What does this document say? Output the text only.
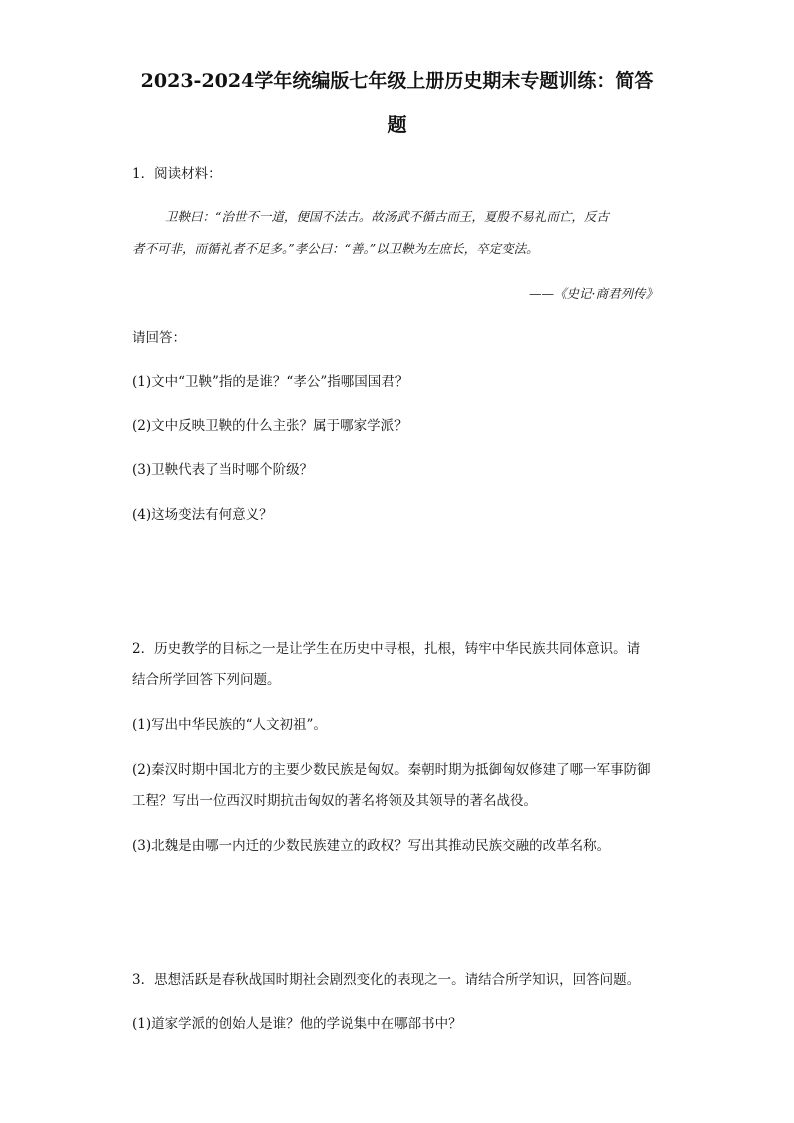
2023-2024学年统编版七年级上册历史期末专题训练：简答
题

1．阅读材料：

卫鞅曰：“治世不一道，便国不法古。故汤武不循古而王，夏殷不易礼而亡，反古

者不可非，而循礼者不足多。”孝公曰：“善。”以卫鞅为左庶长，卒定变法。

——《史记·商君列传》

请回答：

(1)文中“卫鞅”指的是谁？“孝公”指哪国国君？

(2)文中反映卫鞅的什么主张？属于哪家学派？

(3)卫鞅代表了当时哪个阶级？

(4)这场变法有何意义？

2．历史教学的目标之一是让学生在历史中寻根，扎根，铸牢中华民族共同体意识。请

结合所学回答下列问题。

(1)写出中华民族的“人文初祖”。

(2)秦汉时期中国北方的主要少数民族是匈奴。秦朝时期为抵御匈奴修建了哪一军事防御

工程？写出一位西汉时期抗击匈奴的著名将领及其领导的著名战役。

(3)北魏是由哪一内迁的少数民族建立的政权？写出其推动民族交融的改革名称。

3．思想活跃是春秋战国时期社会剧烈变化的表现之一。请结合所学知识，回答问题。

(1)道家学派的创始人是谁？他的学说集中在哪部书中？
